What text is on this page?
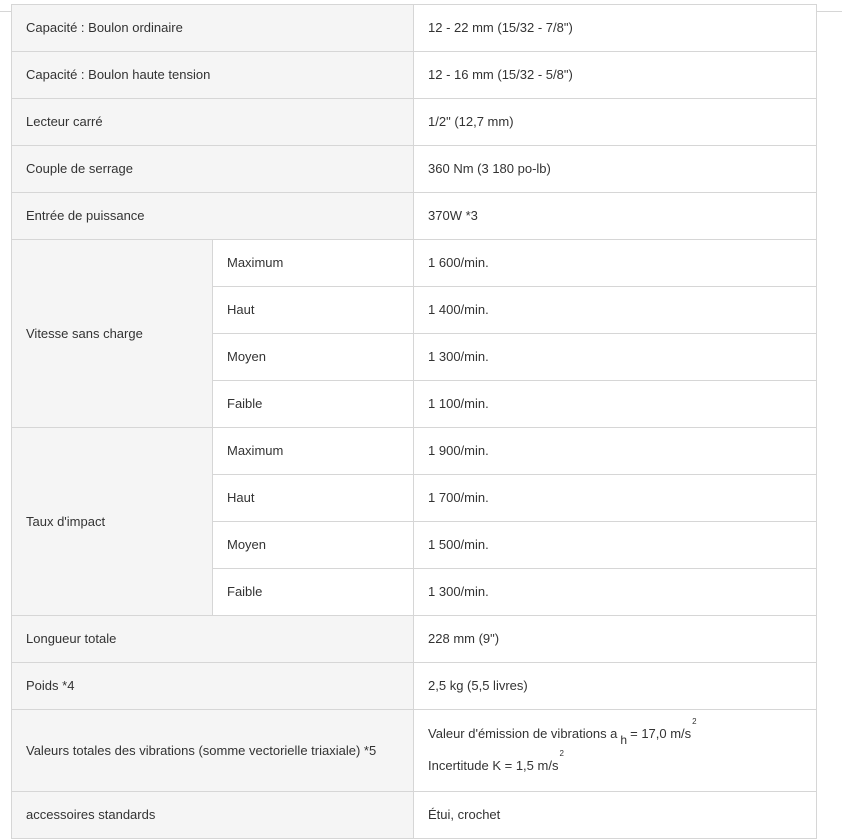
Capacité : Boulon ordinaire		12 - 22 mm (15/32 - 7/8")
Capacité : Boulon haute tension		12 - 16 mm (15/32 - 5/8")
Lecteur carré		1/2" (12,7 mm)
Couple de serrage		360 Nm (3 180 po-lb)
Entrée de puissance		370W *3
Vitesse sans charge	Maximum	1 600/min.
	Haut	1 400/min.
	Moyen	1 300/min.
	Faible	1 100/min.
Taux d'impact	Maximum	1 900/min.
	Haut	1 700/min.
	Moyen	1 500/min.
	Faible	1 300/min.
Longueur totale		228 mm (9")
Poids *4		2,5 kg (5,5 livres)
Valeurs totales des vibrations (somme vectorielle triaxiale) *5		Valeur d'émission de vibrations a h = 17,0 $m/s^2$
Incertitude K = 1,5 $m/s^2$

accessoires standards		Étui, crochet
